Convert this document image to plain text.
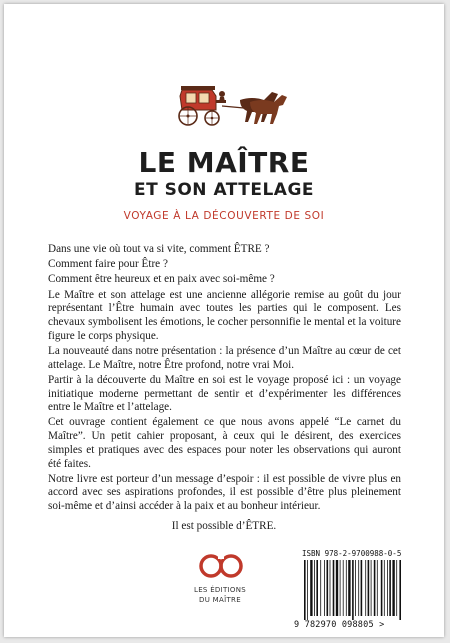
LE MAÎTRE
ET SON ATTELAGE

VOYAGE À LA DÉCOUVERTE DE SOI

Dans une vie où tout va si vite, comment ÊTRE ?

Comment faire pour Être ?

Comment être heureux et en paix avec soi-même ?

Le Maître et son attelage est une ancienne allégorie remise au goût du jour représentant l’Être humain avec toutes les parties qui le composent. Les chevaux symbolisent les émotions, le cocher personnifie le mental et la voiture figure le corps physique.

La nouveauté dans notre présentation : la présence d’un Maître au cœur de cet attelage. Le Maître, notre Être profond, notre vrai Moi.

Partir à la découverte du Maître en soi est le voyage proposé ici : un voyage initiatique moderne permettant de sentir et d’expérimenter les différences entre le Maître et l’attelage.

Cet ouvrage contient également ce que nous avons appelé “Le carnet du Maître”. Un petit cahier proposant, à ceux qui le désirent, des exercices simples et pratiques avec des espaces pour noter les observations qui auront été faites.

Notre livre est porteur d’un message d’espoir : il est possible de vivre plus en accord avec ses aspirations profondes, il est possible d’être plus pleinement soi-même et d’ainsi accéder à la paix et au bonheur intérieur.

Il est possible d’ÊTRE.

LES ÉDITIONS

DU MAÎTRE

ISBN 978-2-9700988-0-5

9 782970 098805 >
